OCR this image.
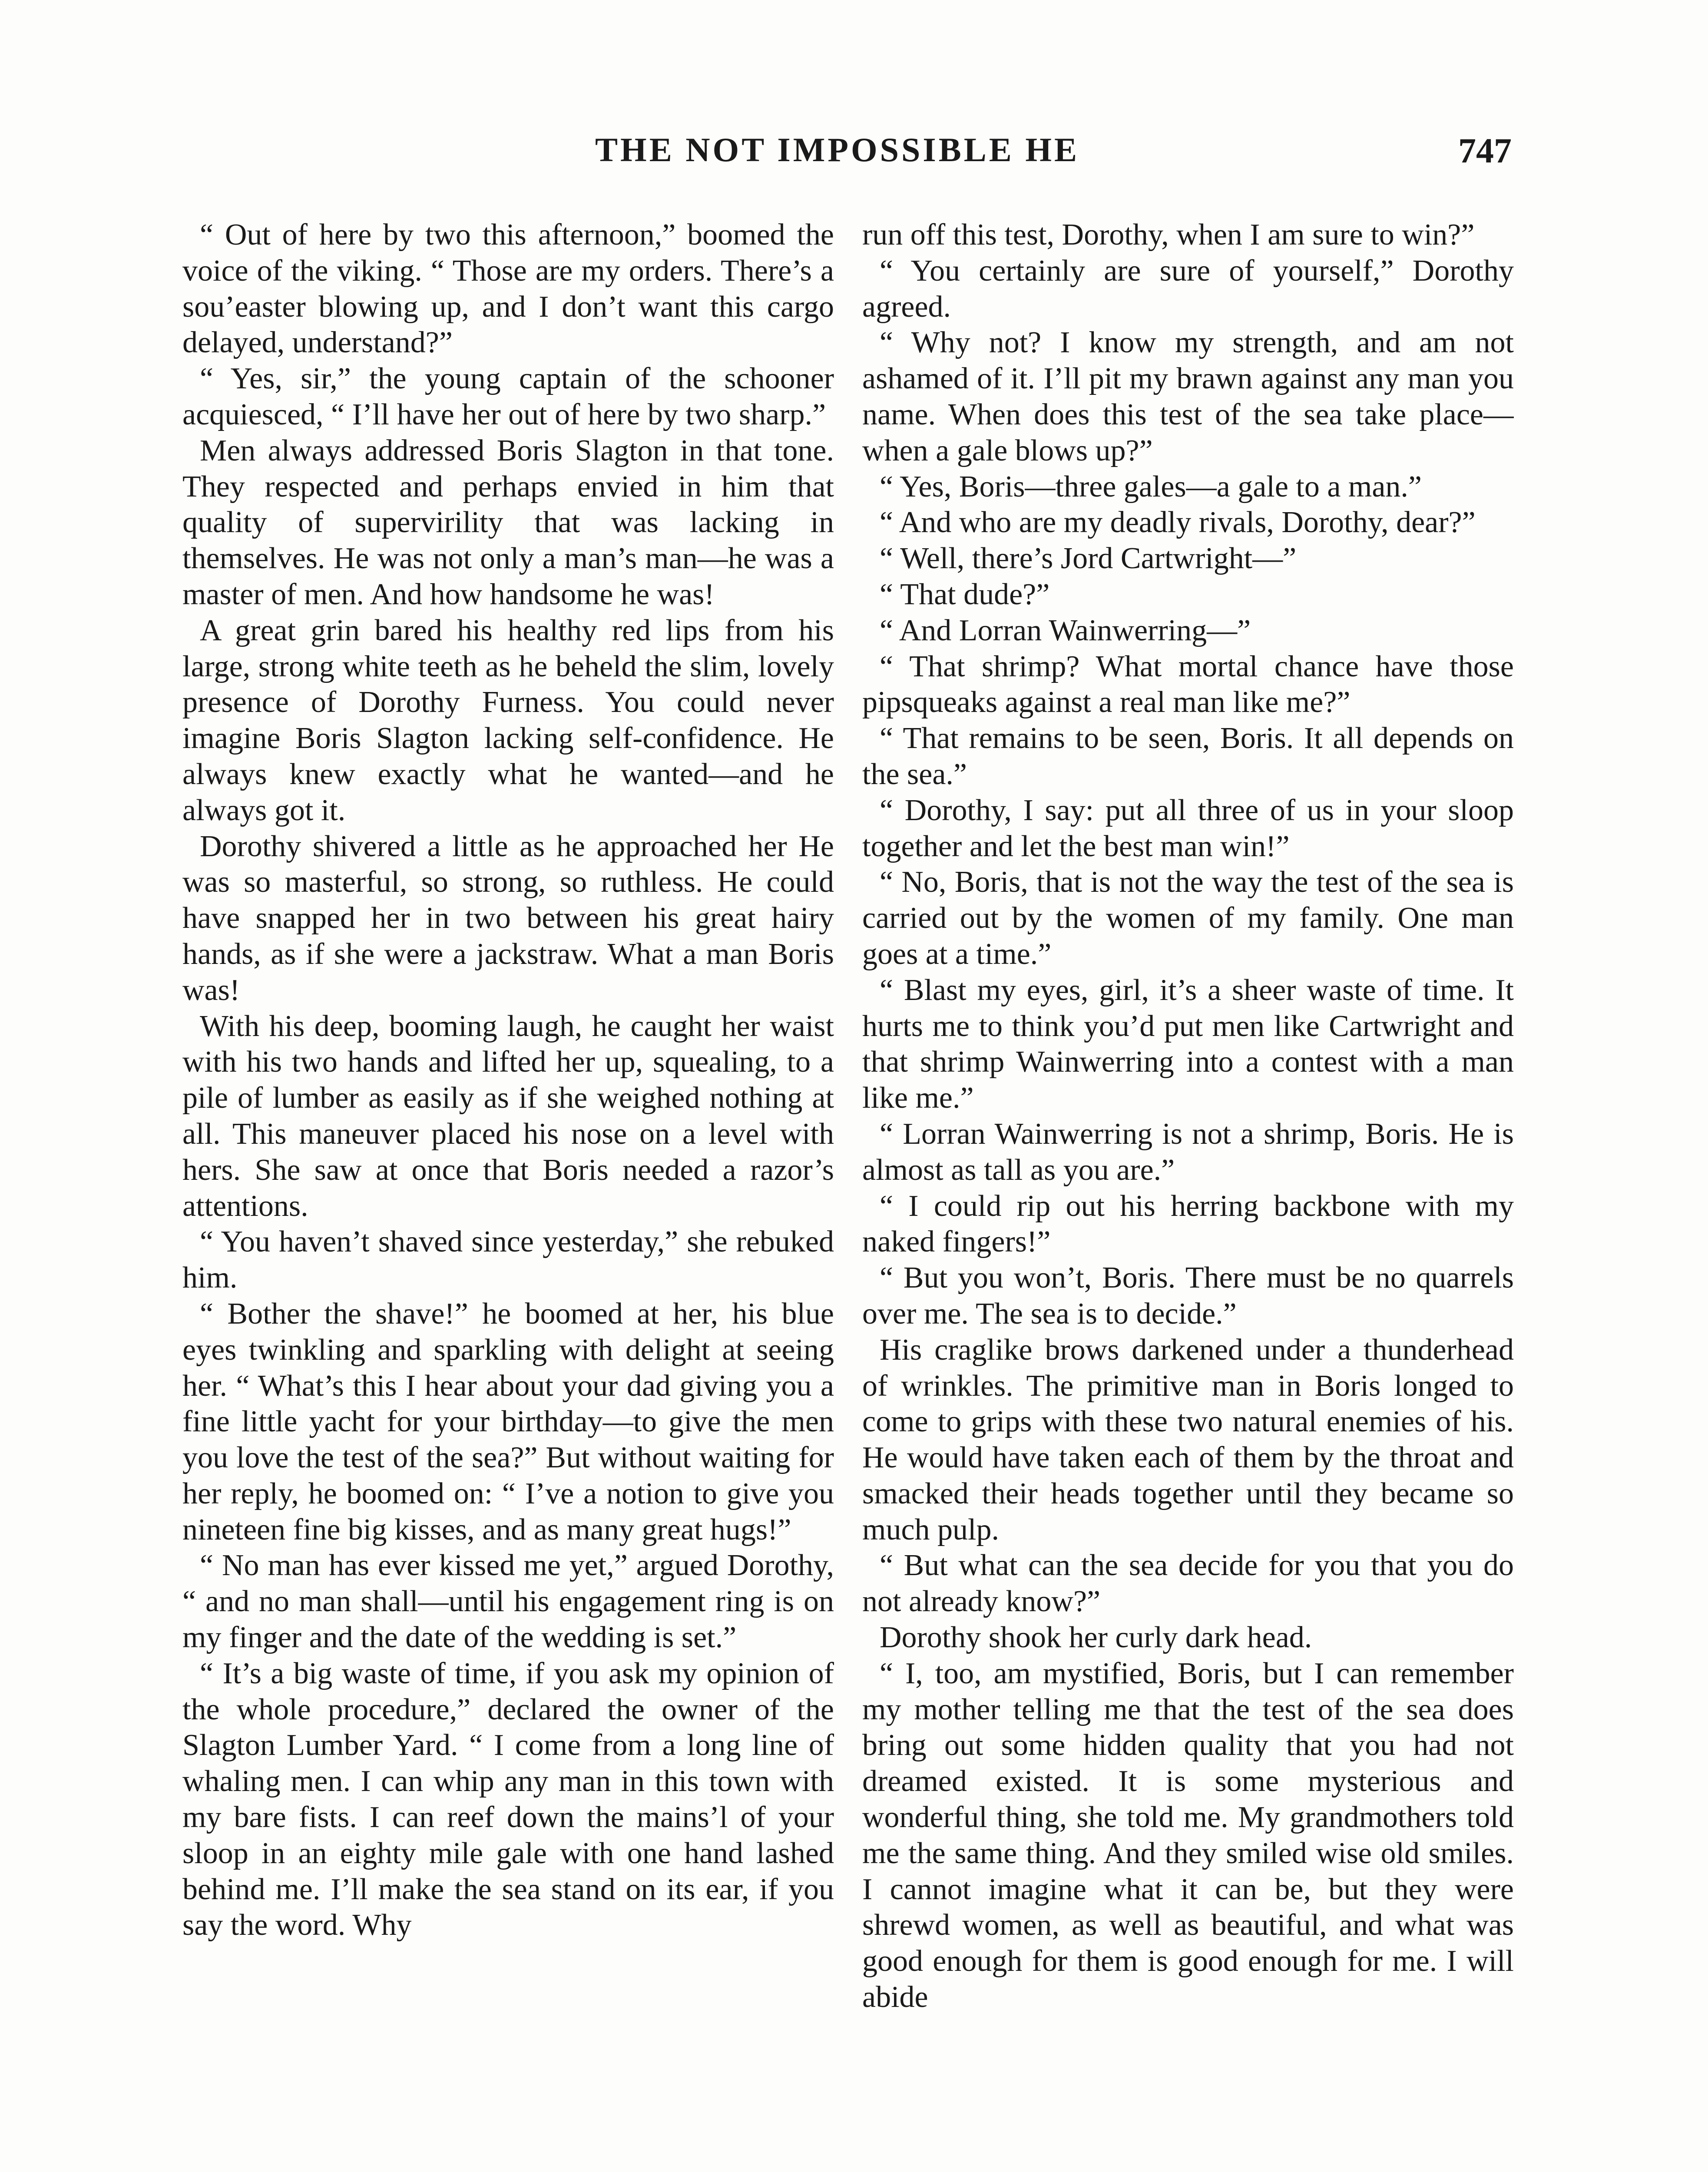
THE NOT IMPOSSIBLE HE	747

“ Out of here by two this afternoon,” boomed the voice of the viking. “ Those are my orders. There’s a sou’easter blowing up, and I don’t want this cargo delayed, understand?”

“ Yes, sir,” the young captain of the schooner acquiesced, “ I’ll have her out of here by two sharp.”

Men always addressed Boris Slagton in that tone. They respected and perhaps envied in him that quality of supervirility that was lacking in themselves. He was not only a man’s man—he was a master of men. And how handsome he was!

A great grin bared his healthy red lips from his large, strong white teeth as he beheld the slim, lovely presence of Dorothy Furness. You could never imagine Boris Slagton lacking self-confidence. He always knew exactly what he wanted—and he always got it.

Dorothy shivered a little as he approached her He was so masterful, so strong, so ruthless. He could have snapped her in two between his great hairy hands, as if she were a jackstraw. What a man Boris was!

With his deep, booming laugh, he caught her waist with his two hands and lifted her up, squealing, to a pile of lumber as easily as if she weighed nothing at all. This maneuver placed his nose on a level with hers. She saw at once that Boris needed a razor’s attentions.

“ You haven’t shaved since yesterday,” she rebuked him.

“ Bother the shave!” he boomed at her, his blue eyes twinkling and sparkling with delight at seeing her. “ What’s this I hear about your dad giving you a fine little yacht for your birthday—to give the men you love the test of the sea?” But without waiting for her reply, he boomed on: “ I’ve a notion to give you nineteen fine big kisses, and as many great hugs!”

“ No man has ever kissed me yet,” argued Dorothy, “ and no man shall—until his engagement ring is on my finger and the date of the wedding is set.”

“ It’s a big waste of time, if you ask my opinion of the whole procedure,” declared the owner of the Slagton Lumber Yard. “ I come from a long line of whaling men. I can whip any man in this town with my bare fists. I can reef down the mains’l of your sloop in an eighty mile gale with one hand lashed behind me. I’ll make the sea stand on its ear, if you say the word. Why

run off this test, Dorothy, when I am sure to win?”

“ You certainly are sure of yourself,” Dorothy agreed.

“ Why not? I know my strength, and am not ashamed of it. I’ll pit my brawn against any man you name. When does this test of the sea take place—when a gale blows up?”

“ Yes, Boris—three gales—a gale to a man.”

“ And who are my deadly rivals, Dorothy, dear?”

“ Well, there’s Jord Cartwright—”

“ That dude?”

“ And Lorran Wainwerring—”

“ That shrimp? What mortal chance have those pipsqueaks against a real man like me?”

“ That remains to be seen, Boris. It all depends on the sea.”

“ Dorothy, I say: put all three of us in your sloop together and let the best man win!”

“ No, Boris, that is not the way the test of the sea is carried out by the women of my family. One man goes at a time.”

“ Blast my eyes, girl, it’s a sheer waste of time. It hurts me to think you’d put men like Cartwright and that shrimp Wainwerring into a contest with a man like me.”

“ Lorran Wainwerring is not a shrimp, Boris. He is almost as tall as you are.”

“ I could rip out his herring backbone with my naked fingers!”

“ But you won’t, Boris. There must be no quarrels over me. The sea is to decide.”

His craglike brows darkened under a thunderhead of wrinkles. The primitive man in Boris longed to come to grips with these two natural enemies of his. He would have taken each of them by the throat and smacked their heads together until they became so much pulp.

“ But what can the sea decide for you that you do not already know?”

Dorothy shook her curly dark head.

“ I, too, am mystified, Boris, but I can remember my mother telling me that the test of the sea does bring out some hidden quality that you had not dreamed existed. It is some mysterious and wonderful thing, she told me. My grandmothers told me the same thing. And they smiled wise old smiles. I cannot imagine what it can be, but they were shrewd women, as well as beautiful, and what was good enough for them is good enough for me. I will abide
